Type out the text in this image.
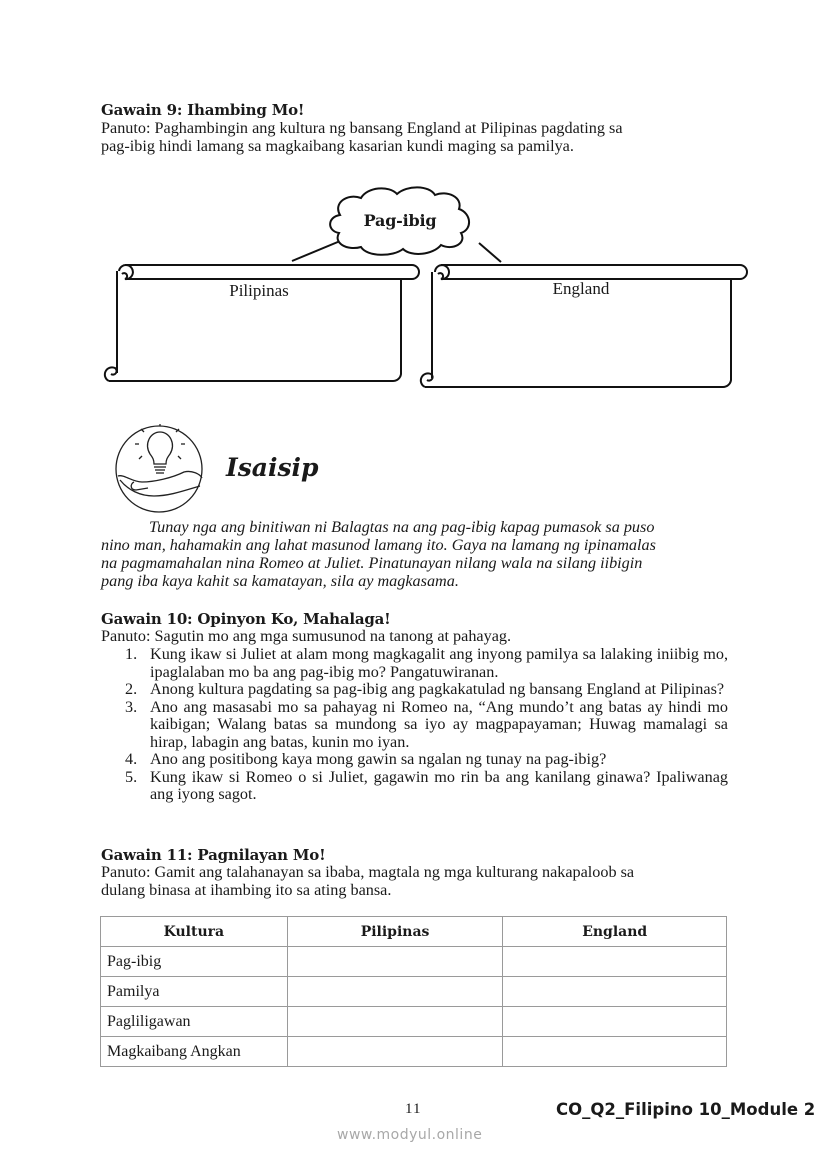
Gawain 9: Ihambing Mo!
Panuto: Paghambingin ang kultura ng bansang England at Pilipinas pagdating sa
pag-ibig hindi lamang sa magkaibang kasarian kundi maging sa pamilya.
Pag-ibig
Pilipinas	England
Isaisip
Tunay nga ang binitiwan ni Balagtas na ang pag-ibig kapag pumasok sa puso
nino man, hahamakin ang lahat masunod lamang ito. Gaya na lamang ng ipinamalas
na pagmamahalan nina Romeo at Juliet. Pinatunayan nilang wala na silang iibigin
pang iba kaya kahit sa kamatayan, sila ay magkasama.
Gawain 10: Opinyon Ko, Mahalaga!
Panuto: Sagutin mo ang mga sumusunod na tanong at pahayag.
1. Kung ikaw si Juliet at alam mong magkagalit ang inyong pamilya sa lalaking iniibig mo, ipaglalaban mo ba ang pag-ibig mo? Pangatuwiranan.
2. Anong kultura pagdating sa pag-ibig ang pagkakatulad ng bansang England at Pilipinas?
3. Ano ang masasabi mo sa pahayag ni Romeo na, “Ang mundo’t ang batas ay hindi mo kaibigan; Walang batas sa mundong sa iyo ay magpapayaman; Huwag mamalagi sa hirap, labagin ang batas, kunin mo iyan.
4. Ano ang positibong kaya mong gawin sa ngalan ng tunay na pag-ibig?
5. Kung ikaw si Romeo o si Juliet, gagawin mo rin ba ang kanilang ginawa? Ipaliwanag ang iyong sagot.
Gawain 11: Pagnilayan Mo!
Panuto: Gamit ang talahanayan sa ibaba, magtala ng mga kulturang nakapaloob sa
dulang binasa at ihambing ito sa ating bansa.
Kultura	Pilipinas	England
Pag-ibig		
Pamilya		
Pagliligawan		
Magkaibang Angkan		
11	CO_Q2_Filipino 10_Module 2
www.modyul.online
